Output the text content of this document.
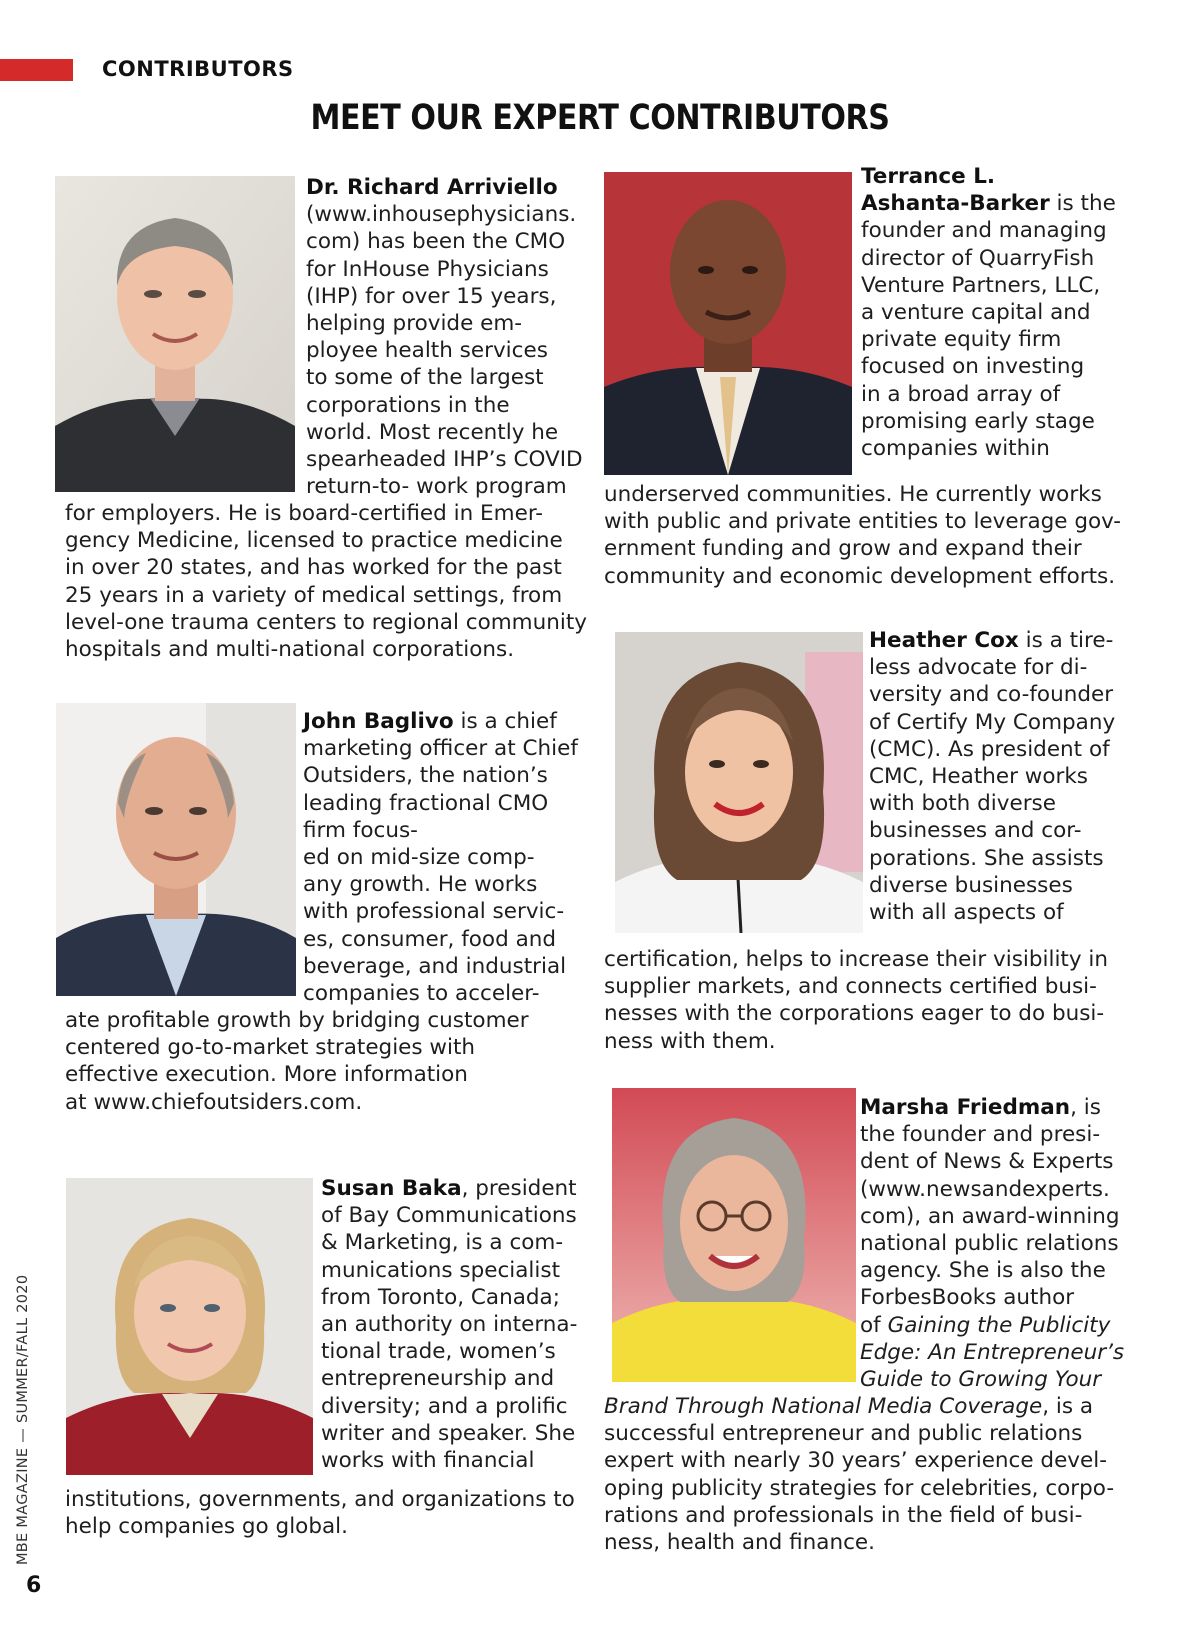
CONTRIBUTORS
MEET OUR EXPERT CONTRIBUTORS
Dr. Richard Arriviello
(www.inhousephysicians.
com) has been the CMO
for InHouse Physicians
(IHP) for over 15 years,
helping provide em-
ployee health services
to some of the largest
corporations in the
world. Most recently he
spearheaded IHP’s COVID
return-to- work program
for employers. He is board-certified in Emer-
gency Medicine, licensed to practice medicine
in over 20 states, and has worked for the past
25 years in a variety of medical settings, from
level-one trauma centers to regional community
hospitals and multi-national corporations.
John Baglivo is a chief
marketing officer at Chief
Outsiders, the nation’s
leading fractional CMO
firm focus-
ed on mid-size comp-
any growth. He works
with professional servic-
es, consumer, food and
beverage, and industrial
companies to acceler-
ate profitable growth by bridging customer
centered go-to-market strategies with
effective execution. More information
at www.chiefoutsiders.com.
Susan Baka, president
of Bay Communications
& Marketing, is a com-
munications specialist
from Toronto, Canada;
an authority on interna-
tional trade, women’s
entrepreneurship and
diversity; and a prolific
writer and speaker. She
works with financial
institutions, governments, and organizations to
help companies go global.
Terrance L.
Ashanta-Barker is the
founder and managing
director of QuarryFish
Venture Partners, LLC,
a venture capital and
private equity firm
focused on investing
in a broad array of
promising early stage
companies within
underserved communities. He currently works
with public and private entities to leverage gov-
ernment funding and grow and expand their
community and economic development efforts.
Heather Cox is a tire-
less advocate for di-
versity and co-founder
of Certify My Company
(CMC). As president of
CMC, Heather works
with both diverse
businesses and cor-
porations. She assists
diverse businesses
with all aspects of
certification, helps to increase their visibility in
supplier markets, and connects certified busi-
nesses with the corporations eager to do busi-
ness with them.
Marsha Friedman, is
the founder and presi-
dent of News & Experts
(www.newsandexperts.
com), an award-winning
national public relations
agency. She is also the
ForbesBooks author
of Gaining the Publicity
Edge: An Entrepreneur’s
Guide to Growing Your
Brand Through National Media Coverage, is a
successful entrepreneur and public relations
expert with nearly 30 years’ experience devel-
oping publicity strategies for celebrities, corpo-
rations and professionals in the field of busi-
ness, health and finance.
MBE MAGAZINE — SUMMER/FALL 2020
6
